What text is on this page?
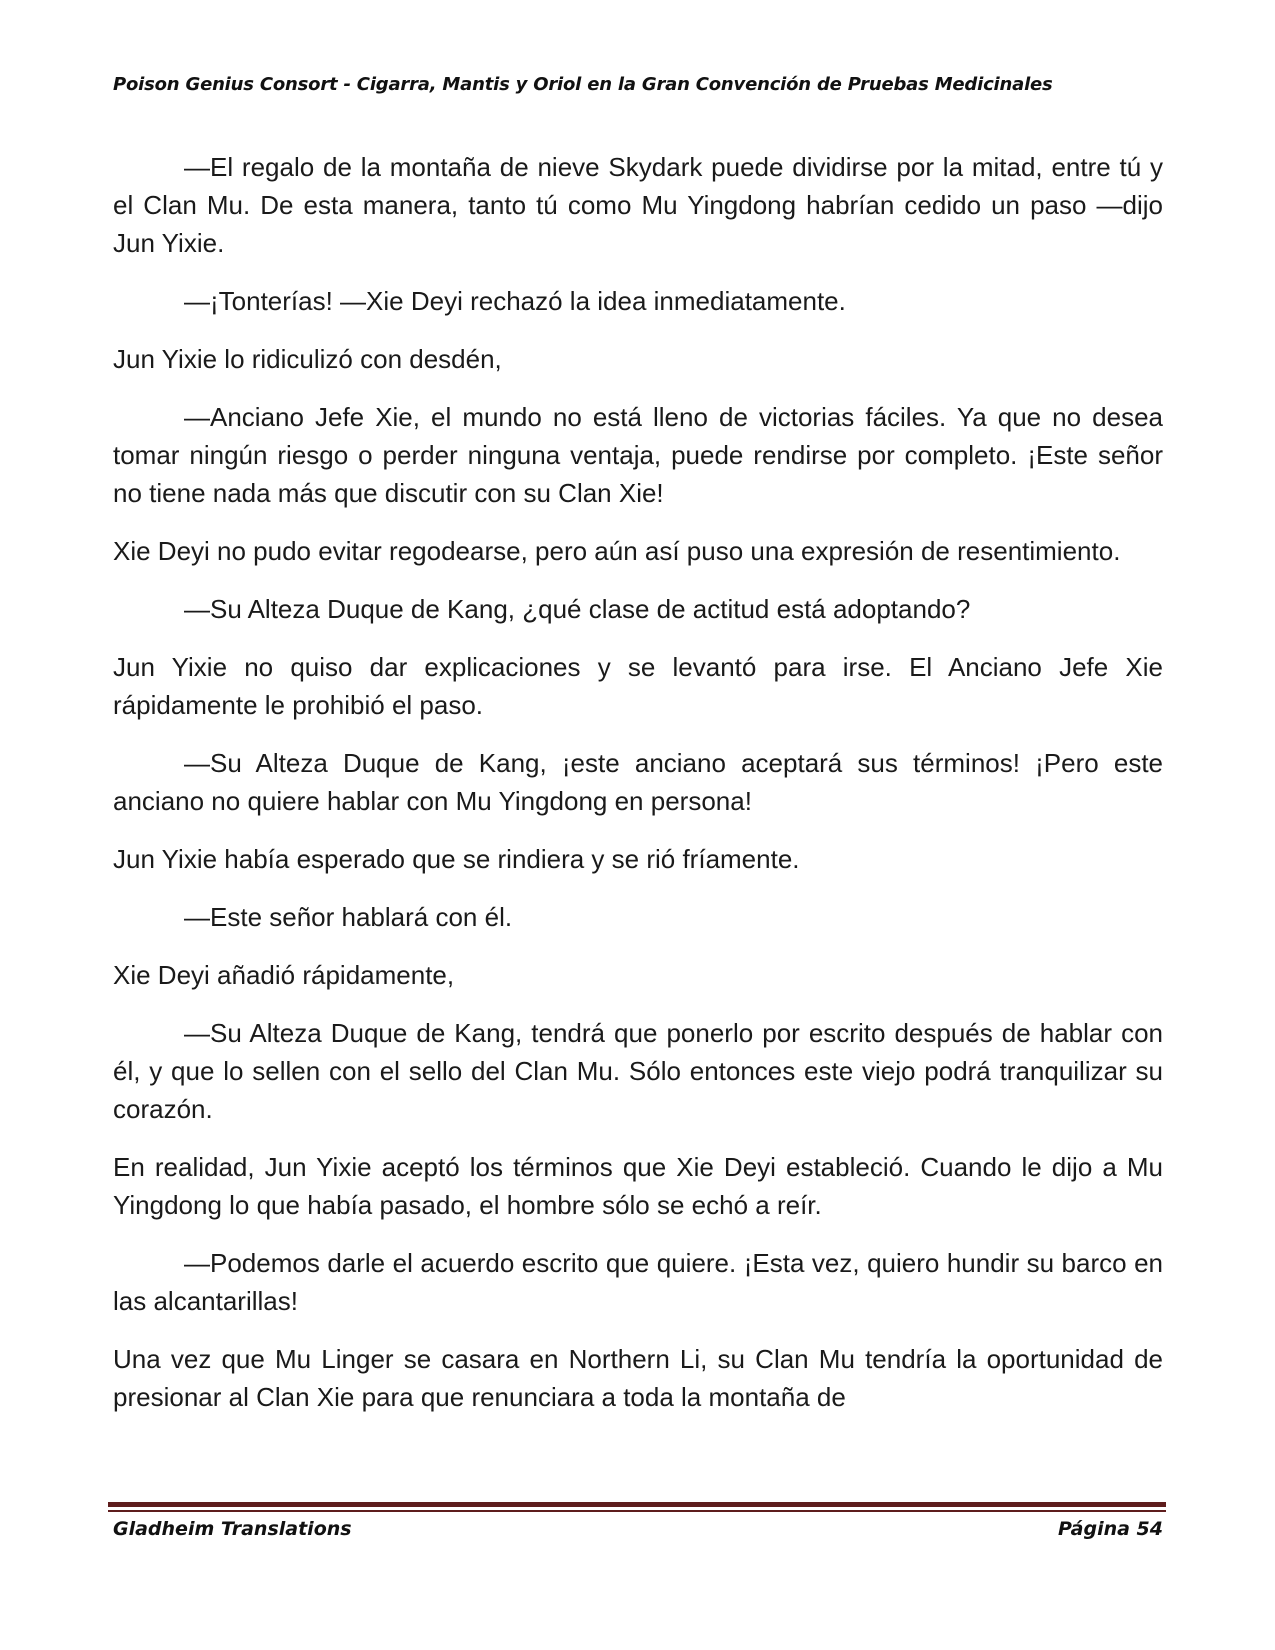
Poison Genius Consort - Cigarra, Mantis y Oriol en la Gran Convención de Pruebas Medicinales

—El regalo de la montaña de nieve Skydark puede dividirse por la mitad, entre tú y el Clan Mu. De esta manera, tanto tú como Mu Yingdong habrían cedido un paso —dijo Jun Yixie.

—¡Tonterías! —Xie Deyi rechazó la idea inmediatamente.

Jun Yixie lo ridiculizó con desdén,

—Anciano Jefe Xie, el mundo no está lleno de victorias fáciles. Ya que no desea tomar ningún riesgo o perder ninguna ventaja, puede rendirse por completo. ¡Este señor no tiene nada más que discutir con su Clan Xie!

Xie Deyi no pudo evitar regodearse, pero aún así puso una expresión de resentimiento.

—Su Alteza Duque de Kang, ¿qué clase de actitud está adoptando?

Jun Yixie no quiso dar explicaciones y se levantó para irse. El Anciano Jefe Xie rápidamente le prohibió el paso.

—Su Alteza Duque de Kang, ¡este anciano aceptará sus términos! ¡Pero este anciano no quiere hablar con Mu Yingdong en persona!

Jun Yixie había esperado que se rindiera y se rió fríamente.

—Este señor hablará con él.

Xie Deyi añadió rápidamente,

—Su Alteza Duque de Kang, tendrá que ponerlo por escrito después de hablar con él, y que lo sellen con el sello del Clan Mu. Sólo entonces este viejo podrá tranquilizar su corazón.

En realidad, Jun Yixie aceptó los términos que Xie Deyi estableció. Cuando le dijo a Mu Yingdong lo que había pasado, el hombre sólo se echó a reír.

—Podemos darle el acuerdo escrito que quiere. ¡Esta vez, quiero hundir su barco en las alcantarillas!

Una vez que Mu Linger se casara en Northern Li, su Clan Mu tendría la oportunidad de presionar al Clan Xie para que renunciara a toda la montaña de

Gladheim Translations	Página 54
